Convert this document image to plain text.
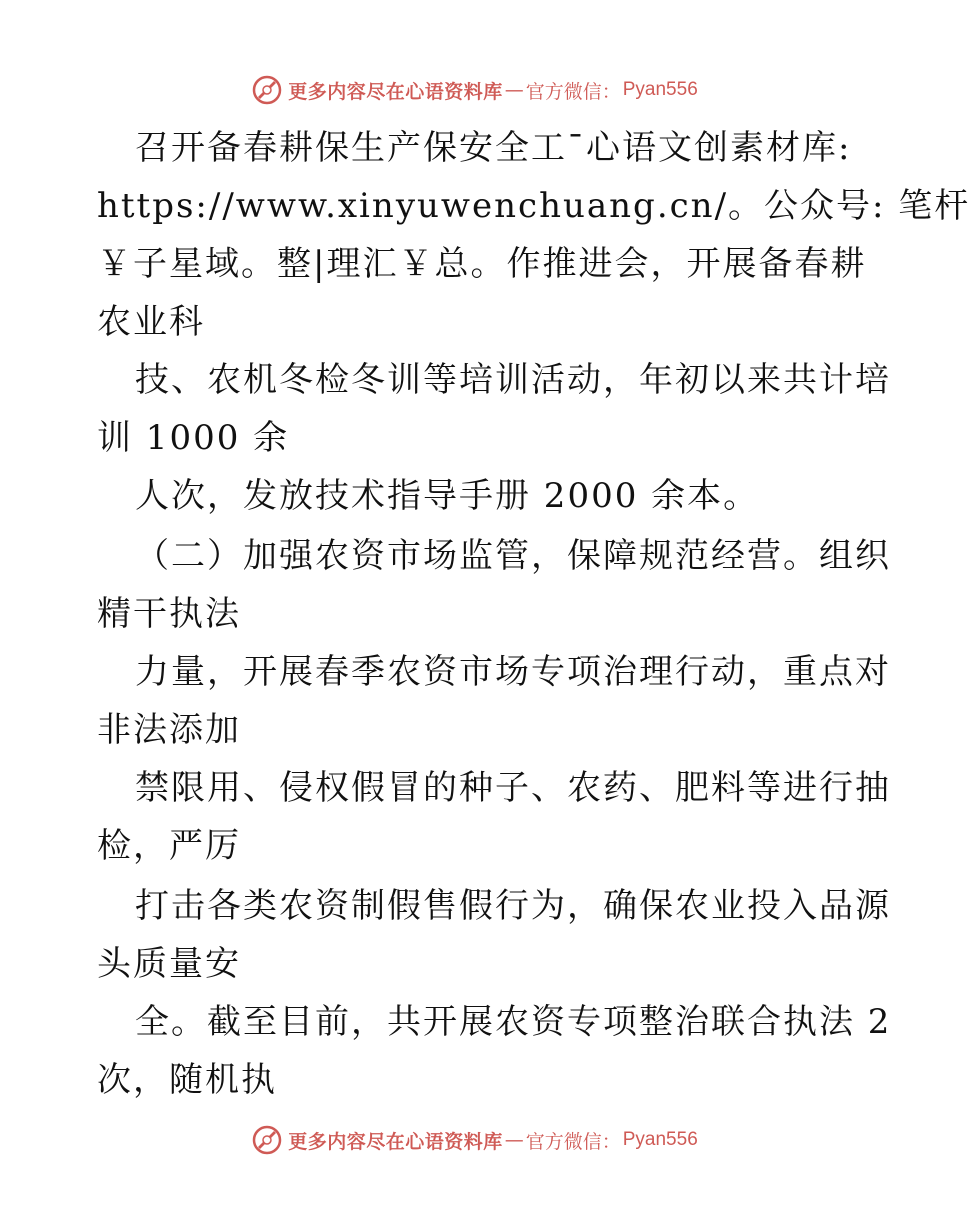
更多内容尽在心语资料库 — 官方微信： Pyan556
召开备春耕保生产保安全工¯心语文创素材库:
https://www.xinyuwenchuang.cn/。公众号: 笔杆
￥子星域。整|理汇￥总。作推进会，开展备春耕
农业科
技、农机冬检冬训等培训活动，年初以来共计培
训 1000 余
人次，发放技术指导手册 2000 余本。
（二）加强农资市场监管，保障规范经营。组织
精干执法
力量，开展春季农资市场专项治理行动，重点对
非法添加
禁限用、侵权假冒的种子、农药、肥料等进行抽
检，严厉
打击各类农资制假售假行为，确保农业投入品源
头质量安
全。截至目前，共开展农资专项整治联合执法 2
次，随机执
更多内容尽在心语资料库 — 官方微信： Pyan556
